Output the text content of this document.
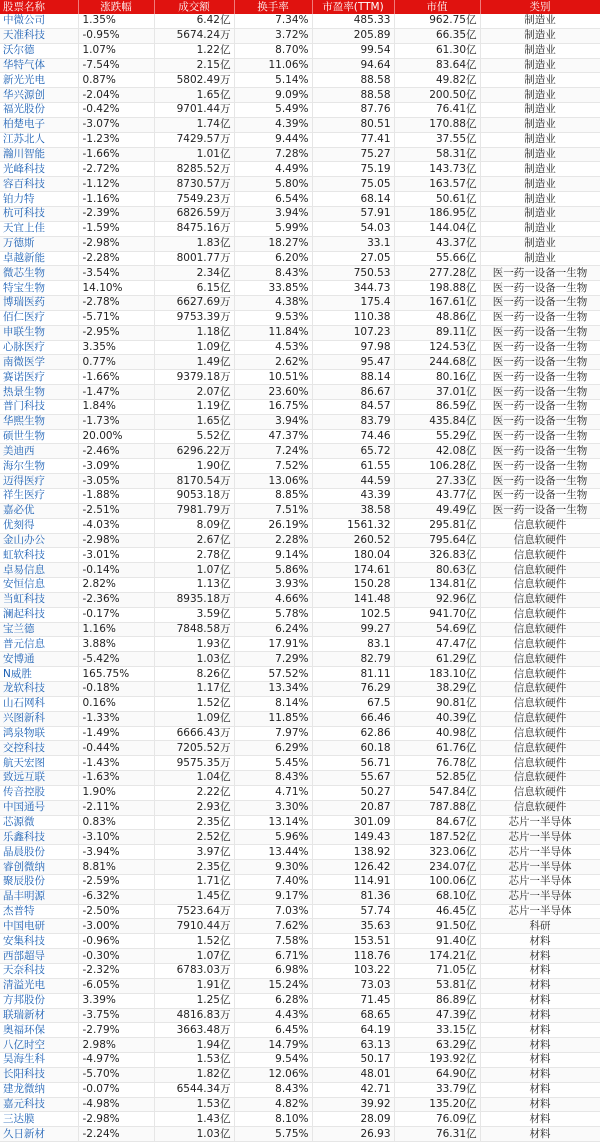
股票名称	涨跌幅	成交额	换手率	市盈率(TTM)	市值	类别
中微公司	1.35%	6.42亿	7.34%	485.33	962.75亿	制造业
天准科技	-0.95%	5674.24万	3.72%	205.89	66.35亿	制造业
沃尔德	1.07%	1.22亿	8.70%	99.54	61.30亿	制造业
华特气体	-7.54%	2.15亿	11.06%	94.64	83.64亿	制造业
新光光电	0.87%	5802.49万	5.14%	88.58	49.82亿	制造业
华兴源创	-2.04%	1.65亿	9.09%	88.58	200.50亿	制造业
福光股份	-0.42%	9701.44万	5.49%	87.76	76.41亿	制造业
柏楚电子	-3.07%	1.74亿	4.39%	80.51	170.88亿	制造业
江苏北人	-1.23%	7429.57万	9.44%	77.41	37.55亿	制造业
瀚川智能	-1.66%	1.01亿	7.28%	75.27	58.31亿	制造业
光峰科技	-2.72%	8285.52万	4.49%	75.19	143.73亿	制造业
容百科技	-1.12%	8730.57万	5.80%	75.05	163.57亿	制造业
铂力特	-1.16%	7549.23万	6.54%	68.14	50.61亿	制造业
杭可科技	-2.39%	6826.59万	3.94%	57.91	186.95亿	制造业
天宜上佳	-1.59%	8475.16万	5.99%	54.03	144.04亿	制造业
万德斯	-2.98%	1.83亿	18.27%	33.1	43.37亿	制造业
卓越新能	-2.28%	8001.77万	6.20%	27.05	55.66亿	制造业
微芯生物	-3.54%	2.34亿	8.43%	750.53	277.28亿	医一药一设备一生物
特宝生物	14.10%	6.15亿	33.85%	344.73	198.88亿	医一药一设备一生物
博瑞医药	-2.78%	6627.69万	4.38%	175.4	167.61亿	医一药一设备一生物
佰仁医疗	-5.71%	9753.39万	9.53%	110.38	48.86亿	医一药一设备一生物
申联生物	-2.95%	1.18亿	11.84%	107.23	89.11亿	医一药一设备一生物
心脉医疗	3.35%	1.09亿	4.53%	97.98	124.53亿	医一药一设备一生物
南微医学	0.77%	1.49亿	2.62%	95.47	244.68亿	医一药一设备一生物
赛诺医疗	-1.66%	9379.18万	10.51%	88.14	80.16亿	医一药一设备一生物
热景生物	-1.47%	2.07亿	23.60%	86.67	37.01亿	医一药一设备一生物
普门科技	1.84%	1.19亿	16.75%	84.57	86.59亿	医一药一设备一生物
华熙生物	-1.73%	1.65亿	3.94%	83.79	435.84亿	医一药一设备一生物
硕世生物	20.00%	5.52亿	47.37%	74.46	55.29亿	医一药一设备一生物
美迪西	-2.46%	6296.22万	7.24%	65.72	42.08亿	医一药一设备一生物
海尔生物	-3.09%	1.90亿	7.52%	61.55	106.28亿	医一药一设备一生物
迈得医疗	-3.05%	8170.54万	13.06%	44.59	27.33亿	医一药一设备一生物
祥生医疗	-1.88%	9053.18万	8.85%	43.39	43.77亿	医一药一设备一生物
嘉必优	-2.51%	7981.79万	7.51%	38.58	49.49亿	医一药一设备一生物
优刻得	-4.03%	8.09亿	26.19%	1561.32	295.81亿	信息软硬件
金山办公	-2.98%	2.67亿	2.28%	260.52	795.64亿	信息软硬件
虹软科技	-3.01%	2.78亿	9.14%	180.04	326.83亿	信息软硬件
卓易信息	-0.14%	1.07亿	5.86%	174.61	80.63亿	信息软硬件
安恒信息	2.82%	1.13亿	3.93%	150.28	134.81亿	信息软硬件
当虹科技	-2.36%	8935.18万	4.66%	141.48	92.96亿	信息软硬件
澜起科技	-0.17%	3.59亿	5.78%	102.5	941.70亿	信息软硬件
宝兰德	1.16%	7848.58万	6.24%	99.27	54.69亿	信息软硬件
普元信息	3.88%	1.93亿	17.91%	83.1	47.47亿	信息软硬件
安博通	-5.42%	1.03亿	7.29%	82.79	61.29亿	信息软硬件
N威胜	165.75%	8.26亿	57.52%	81.11	183.10亿	信息软硬件
龙软科技	-0.18%	1.17亿	13.34%	76.29	38.29亿	信息软硬件
山石网科	0.16%	1.52亿	8.14%	67.5	90.81亿	信息软硬件
兴图新科	-1.33%	1.09亿	11.85%	66.46	40.39亿	信息软硬件
鸿泉物联	-1.49%	6666.43万	7.97%	62.86	40.98亿	信息软硬件
交控科技	-0.44%	7205.52万	6.29%	60.18	61.76亿	信息软硬件
航天宏图	-1.43%	9575.35万	5.45%	56.71	76.78亿	信息软硬件
致远互联	-1.63%	1.04亿	8.43%	55.67	52.85亿	信息软硬件
传音控股	1.90%	2.22亿	4.71%	50.27	547.84亿	信息软硬件
中国通号	-2.11%	2.93亿	3.30%	20.87	787.88亿	信息软硬件
芯源微	0.83%	2.35亿	13.14%	301.09	84.67亿	芯片一半导体
乐鑫科技	-3.10%	2.52亿	5.96%	149.43	187.52亿	芯片一半导体
晶晨股份	-3.94%	3.97亿	13.44%	138.92	323.06亿	芯片一半导体
睿创微纳	8.81%	2.35亿	9.30%	126.42	234.07亿	芯片一半导体
聚辰股份	-2.59%	1.71亿	7.40%	114.91	100.06亿	芯片一半导体
晶丰明源	-6.32%	1.45亿	9.17%	81.36	68.10亿	芯片一半导体
杰普特	-2.50%	7523.64万	7.03%	57.74	46.45亿	芯片一半导体
中国电研	-3.00%	7910.44万	7.62%	35.63	91.50亿	科研
安集科技	-0.96%	1.52亿	7.58%	153.51	91.40亿	材料
西部超导	-0.30%	1.07亿	6.71%	118.76	174.21亿	材料
天奈科技	-2.32%	6783.03万	6.98%	103.22	71.05亿	材料
清溢光电	-6.05%	1.91亿	15.24%	73.03	53.81亿	材料
方邦股份	3.39%	1.25亿	6.28%	71.45	86.89亿	材料
联瑞新材	-3.75%	4816.83万	4.43%	68.65	47.39亿	材料
奥福环保	-2.79%	3663.48万	6.45%	64.19	33.15亿	材料
八亿时空	2.98%	1.94亿	14.79%	63.13	63.29亿	材料
昊海生科	-4.97%	1.53亿	9.54%	50.17	193.92亿	材料
长阳科技	-5.70%	1.82亿	12.06%	48.01	64.90亿	材料
建龙微纳	-0.07%	6544.34万	8.43%	42.71	33.79亿	材料
嘉元科技	-4.98%	1.53亿	4.82%	39.92	135.20亿	材料
三达膜	-2.98%	1.43亿	8.10%	28.09	76.09亿	材料
久日新材	-2.24%	1.03亿	5.75%	26.93	76.31亿	材料
